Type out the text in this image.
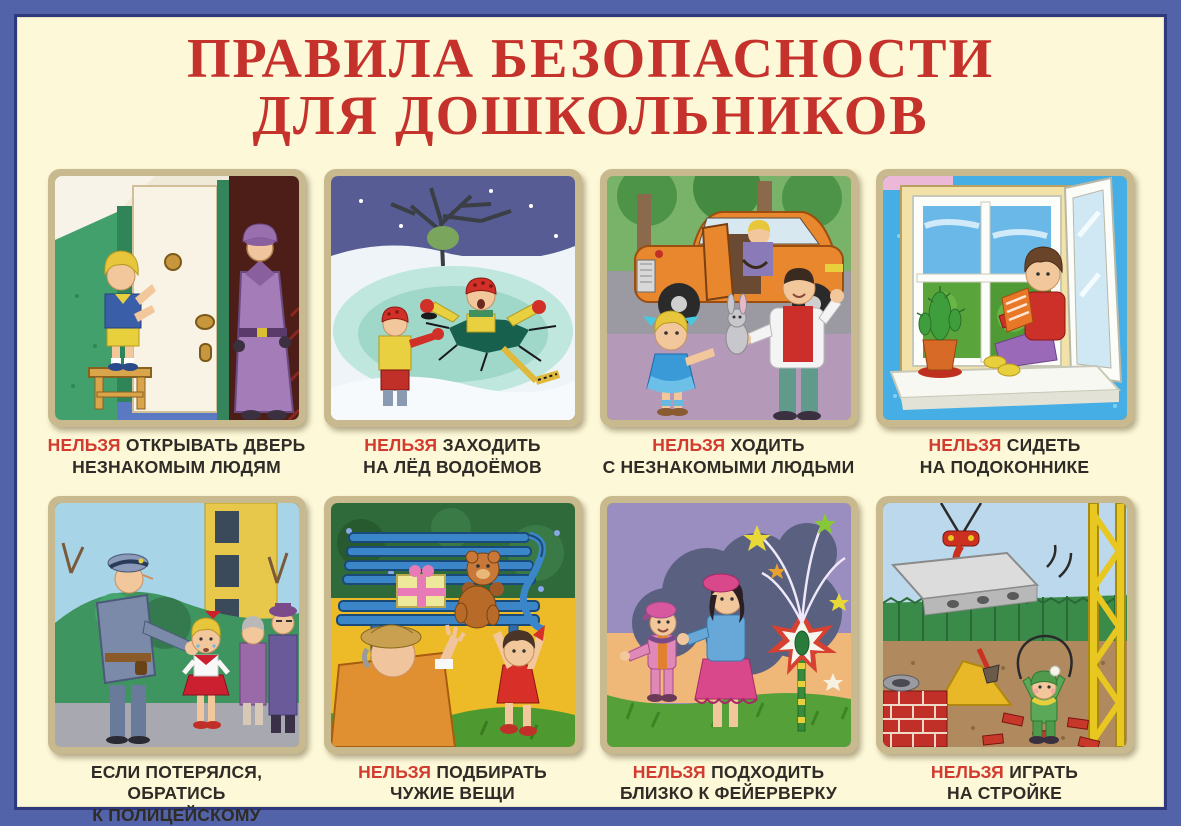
ПРАВИЛА БЕЗОПАСНОСТИ
ДЛЯ ДОШКОЛЬНИКОВ
НЕЛЬЗЯ ОТКРЫВАТЬ ДВЕРЬ
НЕЗНАКОМЫМ ЛЮДЯМ
НЕЛЬЗЯ ЗАХОДИТЬ
НА ЛЁД ВОДОЁМОВ
НЕЛЬЗЯ ХОДИТЬ
С НЕЗНАКОМЫМИ ЛЮДЬМИ
НЕЛЬЗЯ СИДЕТЬ
НА ПОДОКОННИКЕ
ЕСЛИ ПОТЕРЯЛСЯ, ОБРАТИСЬ
К ПОЛИЦЕЙСКОМУ
НЕЛЬЗЯ ПОДБИРАТЬ
ЧУЖИЕ ВЕЩИ
НЕЛЬЗЯ ПОДХОДИТЬ
БЛИЗКО К ФЕЙЕРВЕРКУ
НЕЛЬЗЯ ИГРАТЬ
НА СТРОЙКЕ
